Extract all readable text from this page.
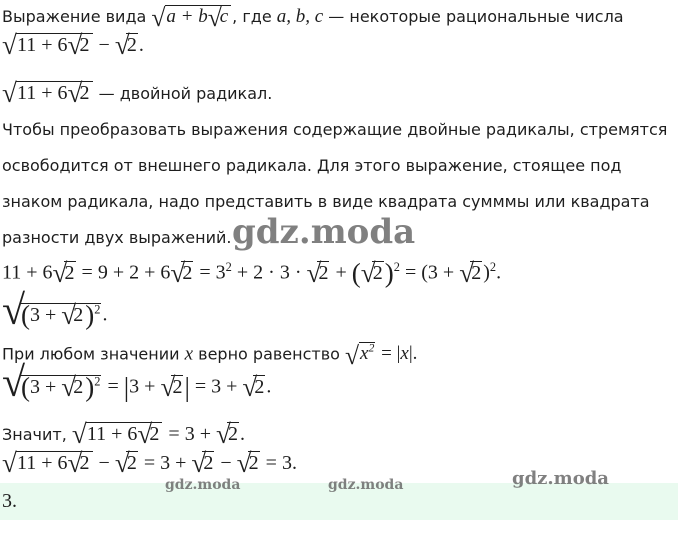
Выражение вида √ a + b √ c , где a, b, c — некоторые рациональные числа
√ 11 + 6 √ 2 − √ 2 .
√ 11 + 6 √ 2 — двойной радикал.
Чтобы преобразовать выражения содержащие двойные радикалы, стремятся
освободится от внешнего радикала. Для этого выражение, стоящее под
знаком радикала, надо представить в виде квадрата сумммы или квадрата
разности двух выражений. gdz.moda
11 + 6 √ 2 = 9 + 2 + 6 √ $2 = 3^2 + 2 \cdot 3$ · √ 2 + ( √ 2)$^2$ = (3 + √ 2 )$^2$.
√ (3 + √ 2)$^2$ .
При любом значении x верно равенство √ $x^2 = |x|$.
√ (3 + √ 2)$^2$ = |3 + √ 2| = 3 + √ 2 .
Значит, √ 11 + 6 √ 2 = 3 + √ 2 .
√ 11 + 6 √ 2 − √ 2 = 3 + √ 2 − √ 2 = 3.
3.
gdz.moda	gdz.moda	gdz.moda
